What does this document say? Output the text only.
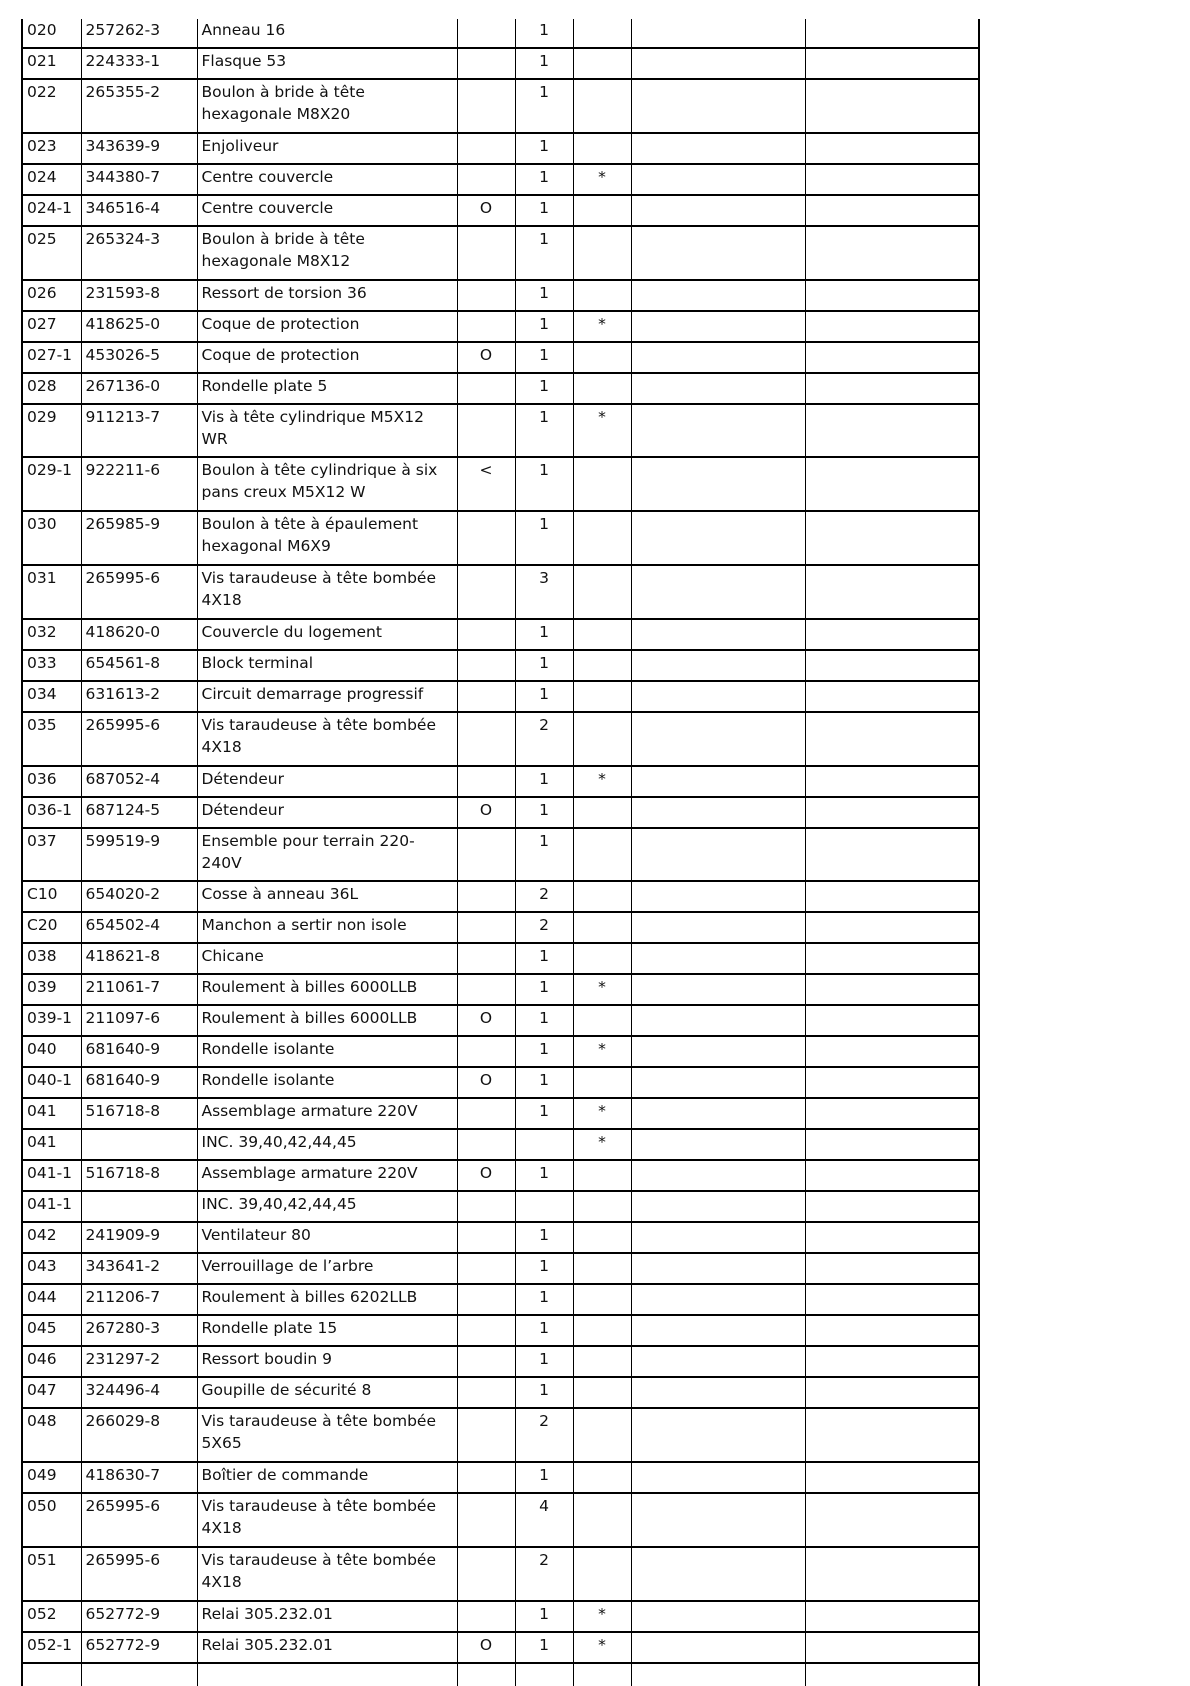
020	257262-3	Anneau 16		1			
021	224333-1	Flasque 53		1			
022	265355-2	Boulon à bride à tête hexagonale M8X20		1			
023	343639-9	Enjoliveur		1			
024	344380-7	Centre couvercle		1	*		
024-1	346516-4	Centre couvercle	O	1			
025	265324-3	Boulon à bride à tête hexagonale M8X12		1			
026	231593-8	Ressort de torsion 36		1			
027	418625-0	Coque de protection		1	*		
027-1	453026-5	Coque de protection	O	1			
028	267136-0	Rondelle plate 5		1			
029	911213-7	Vis à tête cylindrique M5X12 WR		1	*		
029-1	922211-6	Boulon à tête cylindrique à six pans creux M5X12 W	<	1			
030	265985-9	Boulon à tête à épaulement hexagonal M6X9		1			
031	265995-6	Vis taraudeuse à tête bombée 4X18		3			
032	418620-0	Couvercle du logement		1			
033	654561-8	Block terminal		1			
034	631613-2	Circuit demarrage progressif		1			
035	265995-6	Vis taraudeuse à tête bombée 4X18		2			
036	687052-4	Détendeur		1	*		
036-1	687124-5	Détendeur	O	1			
037	599519-9	Ensemble pour terrain 220-240V		1			
C10	654020-2	Cosse à anneau 36L		2			
C20	654502-4	Manchon a sertir non isole		2			
038	418621-8	Chicane		1			
039	211061-7	Roulement à billes 6000LLB		1	*		
039-1	211097-6	Roulement à billes 6000LLB	O	1			
040	681640-9	Rondelle isolante		1	*		
040-1	681640-9	Rondelle isolante	O	1			
041	516718-8	Assemblage armature 220V		1	*		
041		INC. 39,40,42,44,45			*		
041-1	516718-8	Assemblage armature 220V	O	1			
041-1		INC. 39,40,42,44,45					
042	241909-9	Ventilateur 80		1			
043	343641-2	Verrouillage de l’arbre		1			
044	211206-7	Roulement à billes 6202LLB		1			
045	267280-3	Rondelle plate 15		1			
046	231297-2	Ressort boudin 9		1			
047	324496-4	Goupille de sécurité 8		1			
048	266029-8	Vis taraudeuse à tête bombée 5X65		2			
049	418630-7	Boîtier de commande		1			
050	265995-6	Vis taraudeuse à tête bombée 4X18		4			
051	265995-6	Vis taraudeuse à tête bombée 4X18		2			
052	652772-9	Relai 305.232.01		1	*		
052-1	652772-9	Relai 305.232.01	O	1	*		
